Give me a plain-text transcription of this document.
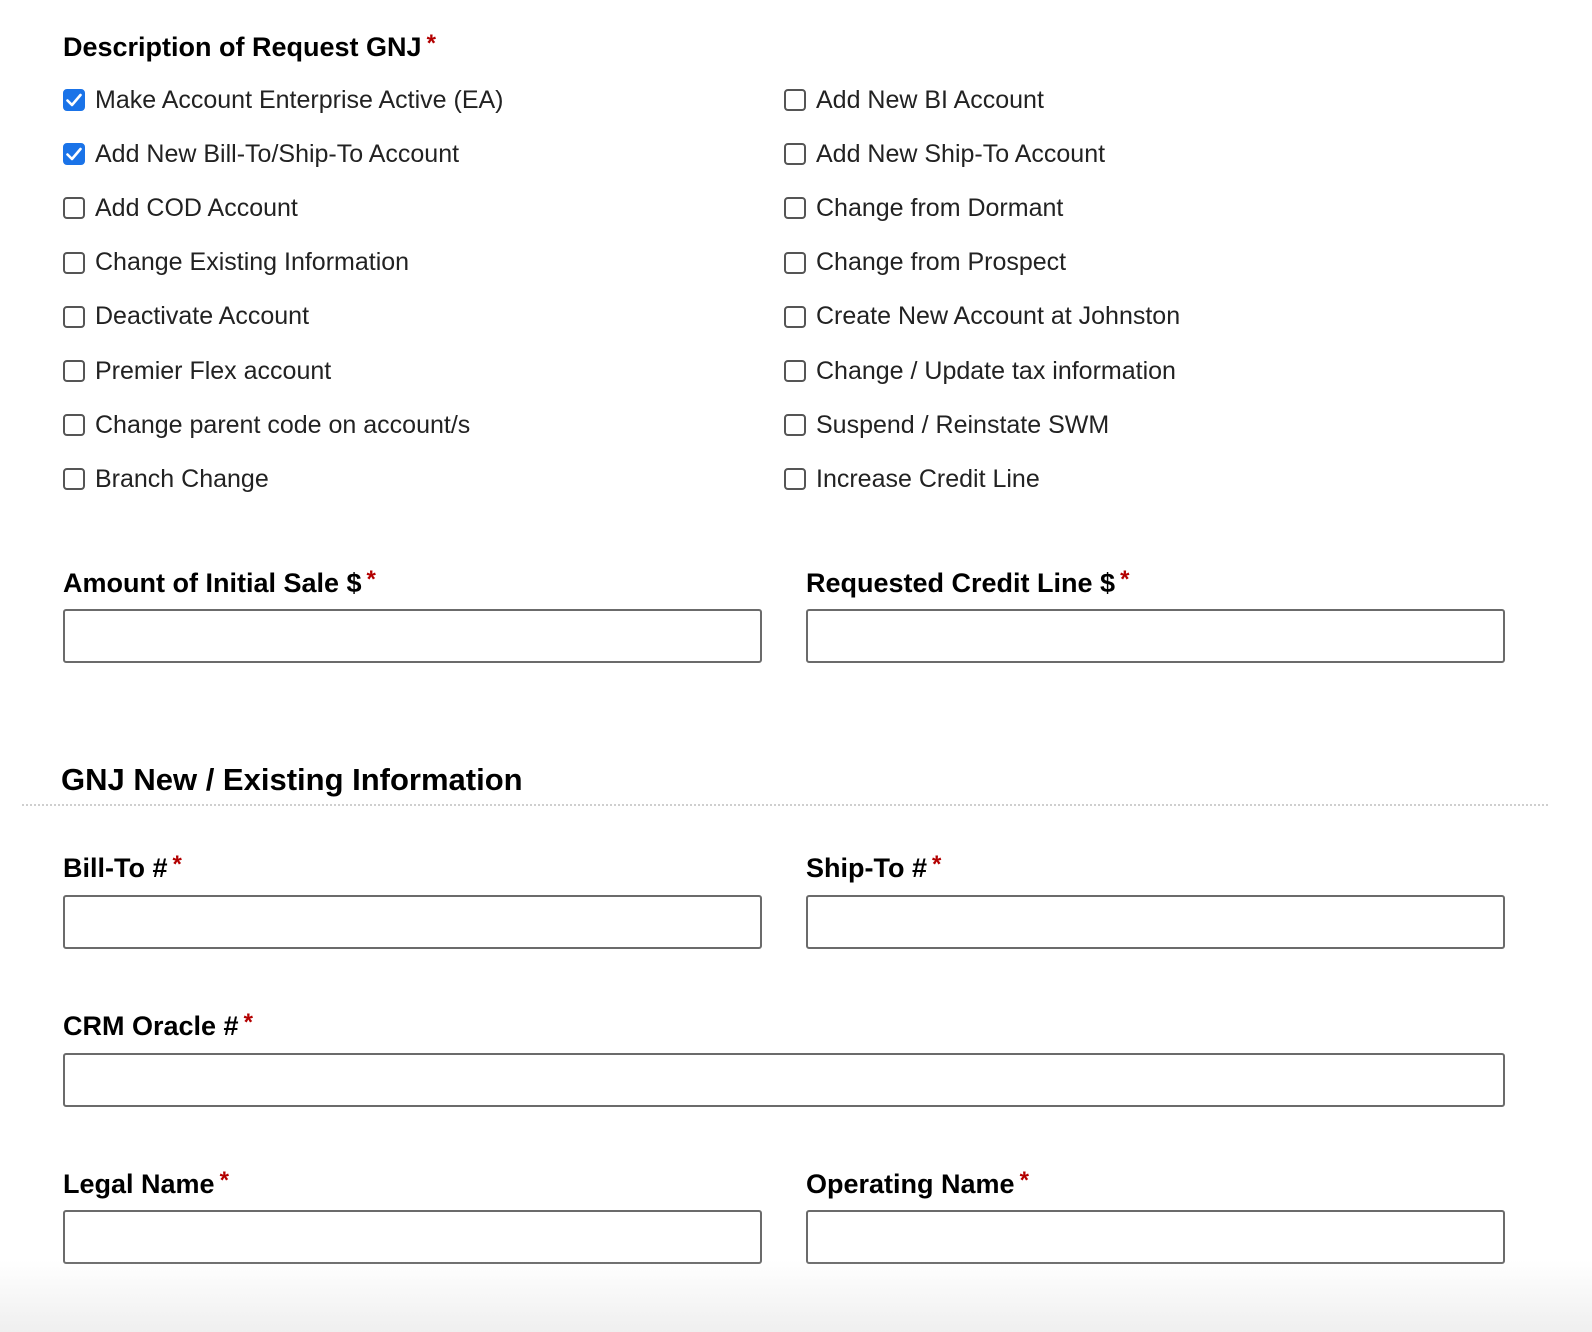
Description of Request GNJ *
Make Account Enterprise Active (EA)
Add New Bill-To/Ship-To Account
Add COD Account
Change Existing Information
Deactivate Account
Premier Flex account
Change parent code on account/s
Branch Change
Add New BI Account
Add New Ship-To Account
Change from Dormant
Change from Prospect
Create New Account at Johnston
Change / Update tax information
Suspend / Reinstate SWM
Increase Credit Line
Amount of Initial Sale $ *	Requested Credit Line $ *
GNJ New / Existing Information
Bill-To # *	Ship-To # *
CRM Oracle # *
Legal Name *	Operating Name *
